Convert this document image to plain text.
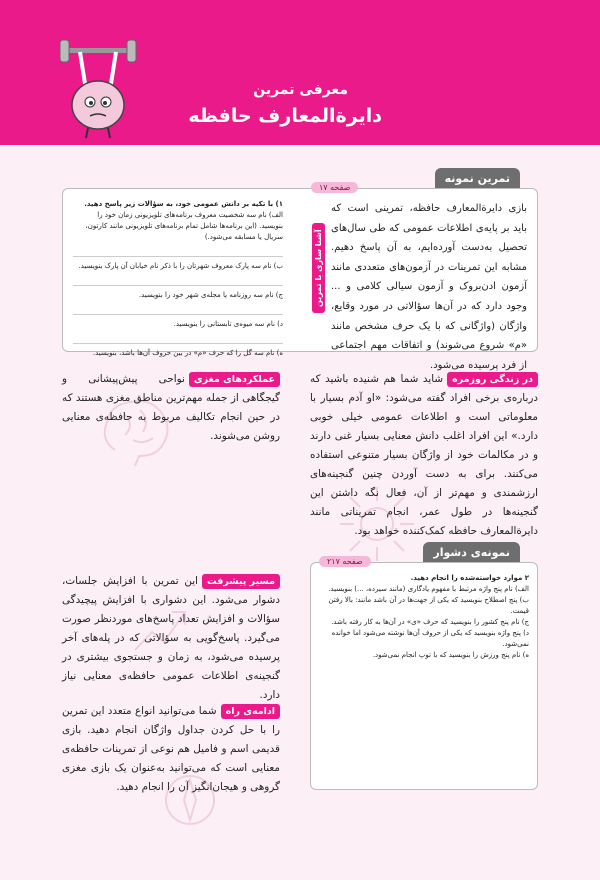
معرفی تمرین
دایرة‌المعارف حافظه
تمرین نمونه
صفحه ۱۷
بازی دایرة‌المعارف حافظه، تمرینی است که باید بر پایه‌ی اطلاعات عمومی که طی سال‌های تحصیل به‌دست آورده‌ایم، به آن پاسخ دهیم. مشابه این تمرینات در آزمون‌های متعددی مانند آزمون ادن‌بروک و آزمون سیالی کلامی و ... وجود دارد که در آن‌ها سؤالاتی در مورد وقایع، واژگان (واژگانی که با یک حرف مشخص مانند «م» شروع می‌شوند) و اتفاقات مهم اجتماعی از فرد پرسیده می‌شود.
آشنا سازی با تمرین
۱) با تکیه بر دانش عمومی خود، به سؤالات زیر پاسخ دهید.
الف) نام سه شخصیت معروف برنامه‌های تلویزیونی زمان خود را بنویسید. (این برنامه‌ها شامل تمام برنامه‌های تلویزیونی مانند کارتون، سریال یا مسابقه می‌شود.)
ب) نام سه پارک معروف شهرتان را با ذکر نام خیابان آن پارک بنویسید.
ج) نام سه روزنامه یا مجله‌ی شهر خود را بنویسید.
د) نام سه میوه‌ی تابستانی را بنویسید.
ه) نام سه گل را که حرف «م» در بین حروف آن‌ها باشد، بنویسید.
عملکردهای مغزینواحی پیش‌پیشانی و گیجگاهی از جمله مهم‌ترین مناطق مغزی هستند که در حین انجام تکالیف مربوط به حافظه‌ی معنایی روشن می‌شوند.
در زندگی روزمرهشاید شما هم شنیده باشید که درباره‌ی برخی افراد گفته می‌شود: «او آدم بسیار با معلوماتی است و اطلاعات عمومی خیلی خوبی دارد.» این افراد اغلب دانش معنایی بسیار غنی دارند و در مکالمات خود از واژگان بسیار متنوعی استفاده می‌کنند. برای به دست آوردن چنین گنجینه‌های ارزشمندی و مهم‌تر از آن، فعال نگه داشتن این گنجینه‌ها در طول عمر، انجام تمریناتی مانند دایرةالمعارف حافظه کمک‌کننده خواهد بود.
نمونه‌ی دشوار
صفحه ۲۱۷
۲ موارد خواسته‌شده را انجام دهید.
الف) نام پنج واژه مرتبط با مفهوم یادگاری (مانند سیرده، ...) بنویسید.
ب) پنج اصطلاح بنویسید که یکی از جهت‌ها در آن باشد مانند: بالا رفتن قیمت.
ج) نام پنج کشور را بنویسید که حرف «ی» در آن‌ها به کار رفته باشد.
د) پنج واژه بنویسید که یکی از حروف آن‌ها نوشته می‌شود اما خوانده نمی‌شود.
ه) نام پنج ورزش را بنویسید که با توپ انجام نمی‌شود.
مسیر پیشرفتاین تمرین با افزایش جلسات، دشوار می‌شود. این دشواری با افزایش پیچیدگی سؤالات و افزایش تعداد پاسخ‌های موردنظر صورت می‌گیرد. پاسخ‌گویی به سؤالاتی که در پله‌های آخر پرسیده می‌شود، به زمان و جستجوی بیشتری در گنجینه‌ی اطلاعات عمومی حافظه‌ی معنایی نیاز دارد.
ادامه‌ی راهشما می‌توانید انواع متعدد این تمرین را با حل کردن جداول واژگان انجام دهید. بازی قدیمی اسم و فامیل هم نوعی از تمرینات حافظه‌ی معنایی است که می‌توانید به‌عنوان یک بازی مغزی گروهی و هیجان‌انگیز آن را انجام دهید.
